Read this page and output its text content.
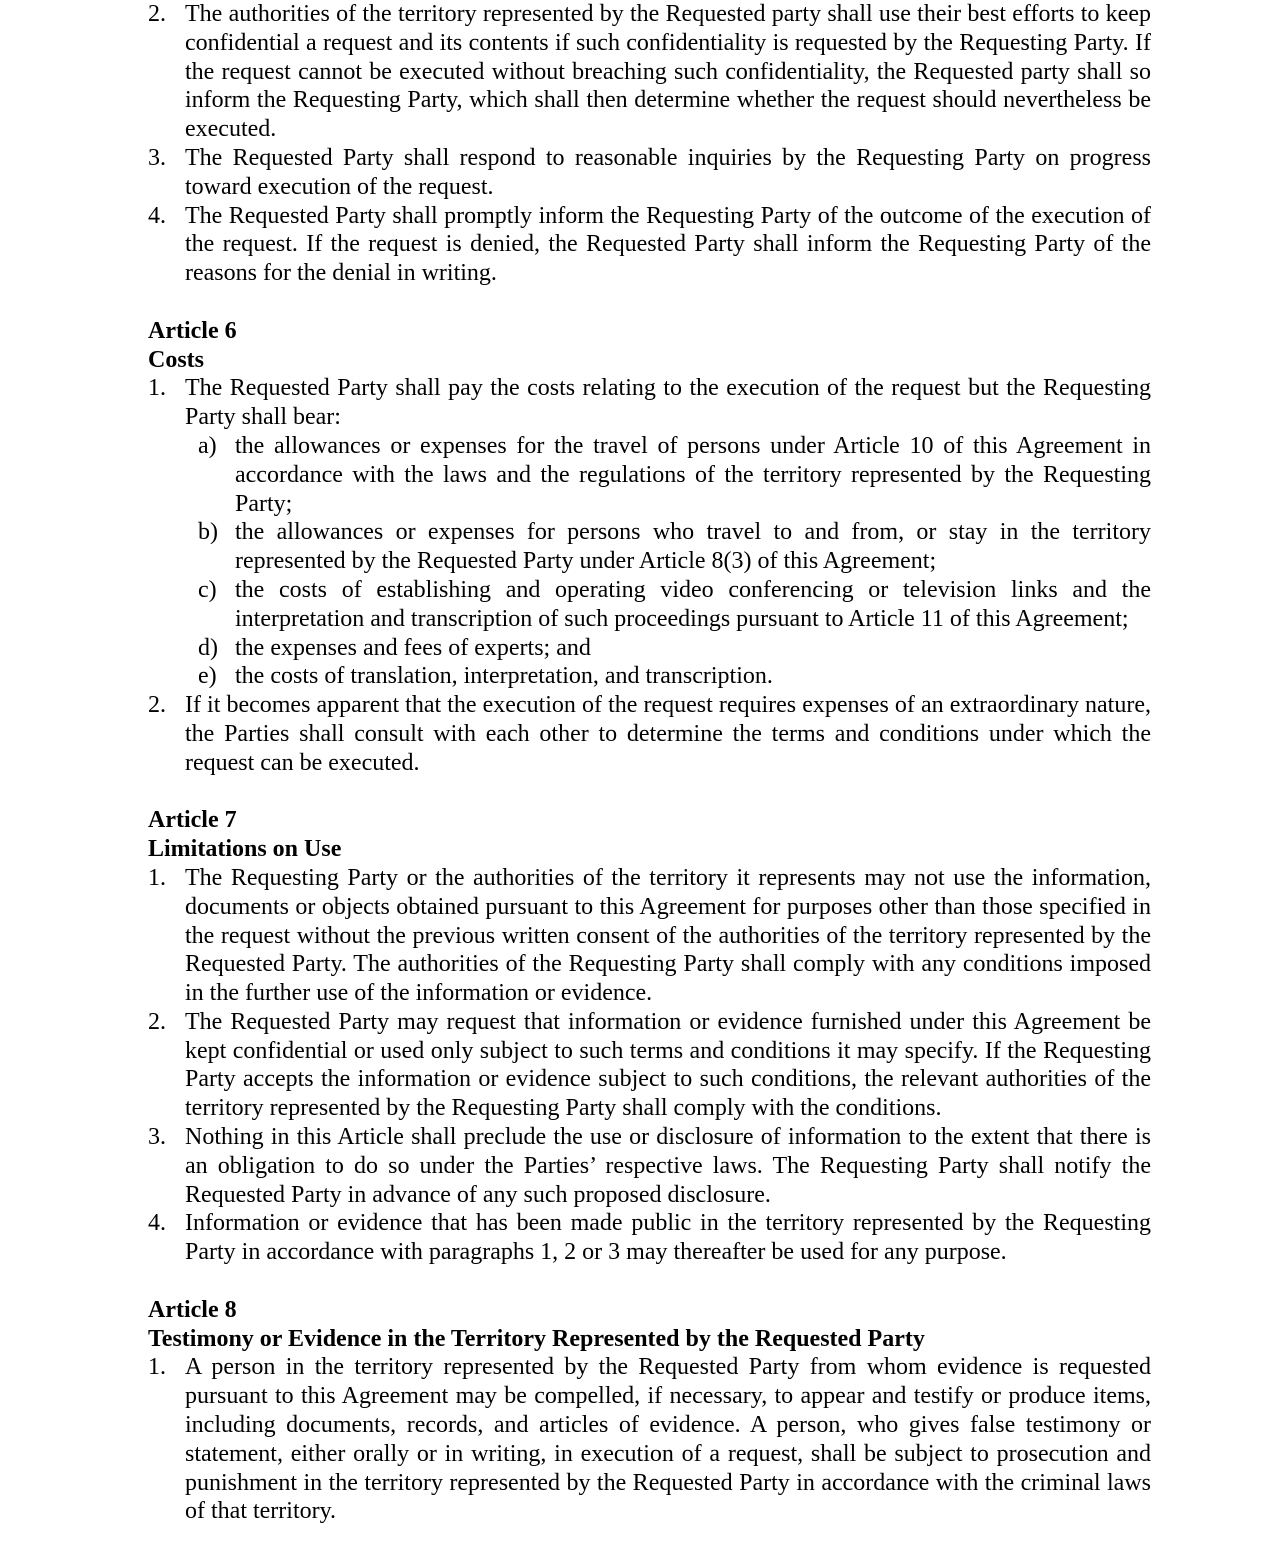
2. The authorities of the territory represented by the Requested party shall use their best efforts to keep confidential a request and its contents if such confidentiality is requested by the Requesting Party. If the request cannot be executed without breaching such confidentiality, the Requested party shall so inform the Requesting Party, which shall then determine whether the request should nevertheless be executed.
3. The Requested Party shall respond to reasonable inquiries by the Requesting Party on progress toward execution of the request.
4. The Requested Party shall promptly inform the Requesting Party of the outcome of the execution of the request. If the request is denied, the Requested Party shall inform the Requesting Party of the reasons for the denial in writing.
Article 6
Costs
1. The Requested Party shall pay the costs relating to the execution of the request but the Requesting Party shall bear:
a) the allowances or expenses for the travel of persons under Article 10 of this Agreement in accordance with the laws and the regulations of the territory represented by the Requesting Party;
b) the allowances or expenses for persons who travel to and from, or stay in the territory represented by the Requested Party under Article 8(3) of this Agreement;
c) the costs of establishing and operating video conferencing or television links and the interpretation and transcription of such proceedings pursuant to Article 11 of this Agreement;
d) the expenses and fees of experts; and
e) the costs of translation, interpretation, and transcription.
2. If it becomes apparent that the execution of the request requires expenses of an extraordinary nature, the Parties shall consult with each other to determine the terms and conditions under which the request can be executed.
Article 7
Limitations on Use
1. The Requesting Party or the authorities of the territory it represents may not use the information, documents or objects obtained pursuant to this Agreement for purposes other than those specified in the request without the previous written consent of the authorities of the territory represented by the Requested Party. The authorities of the Requesting Party shall comply with any conditions imposed in the further use of the information or evidence.
2. The Requested Party may request that information or evidence furnished under this Agreement be kept confidential or used only subject to such terms and conditions it may specify. If the Requesting Party accepts the information or evidence subject to such conditions, the relevant authorities of the territory represented by the Requesting Party shall comply with the conditions.
3. Nothing in this Article shall preclude the use or disclosure of information to the extent that there is an obligation to do so under the Parties’ respective laws. The Requesting Party shall notify the Requested Party in advance of any such proposed disclosure.
4. Information or evidence that has been made public in the territory represented by the Requesting Party in accordance with paragraphs 1, 2 or 3 may thereafter be used for any purpose.
Article 8
Testimony or Evidence in the Territory Represented by the Requested Party
1. A person in the territory represented by the Requested Party from whom evidence is requested pursuant to this Agreement may be compelled, if necessary, to appear and testify or produce items, including documents, records, and articles of evidence. A person, who gives false testimony or statement, either orally or in writing, in execution of a request, shall be subject to prosecution and punishment in the territory represented by the Requested Party in accordance with the criminal laws of that territory.
